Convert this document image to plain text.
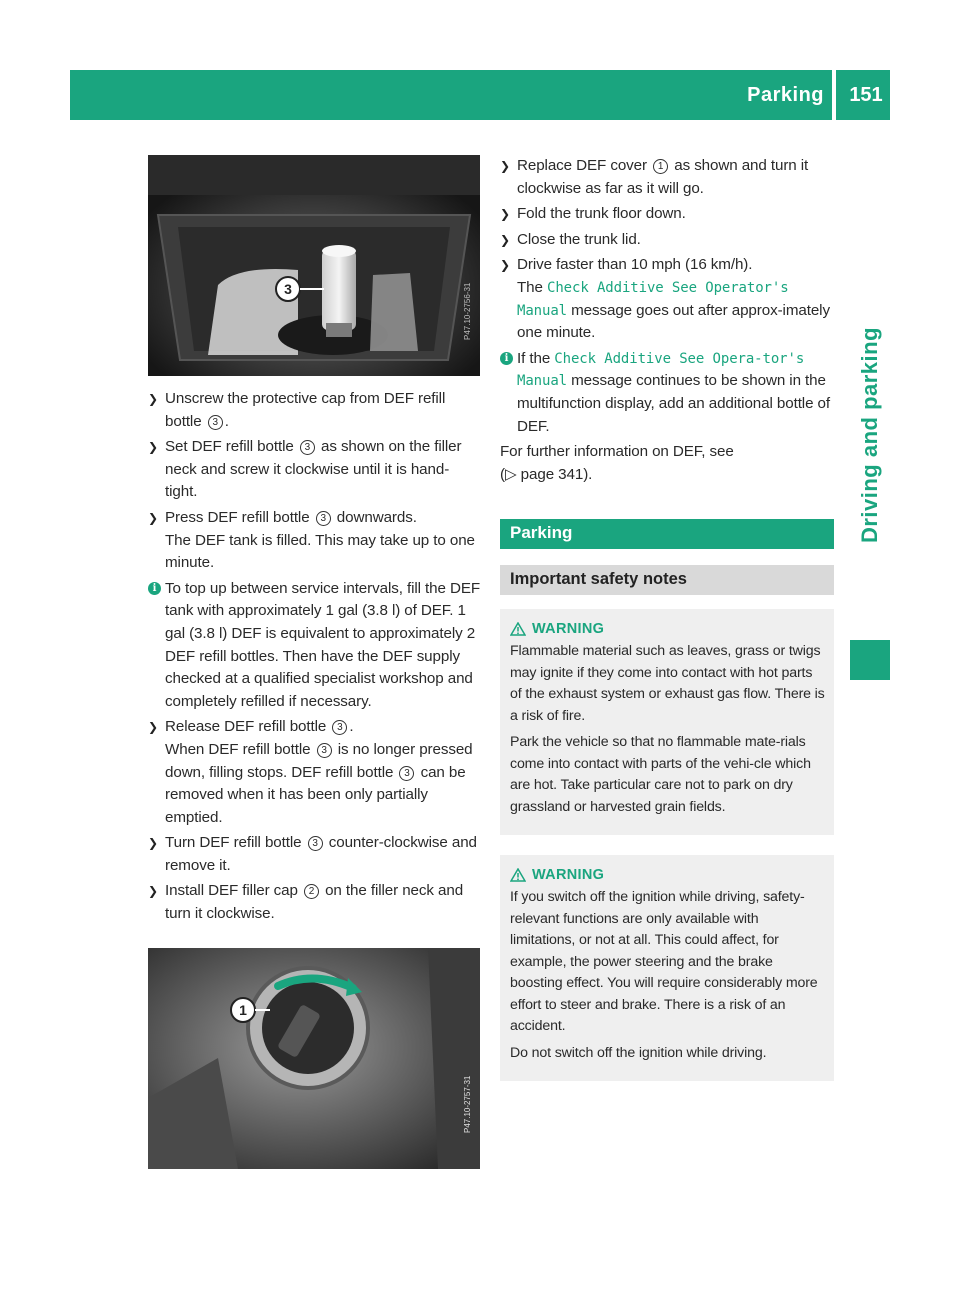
Parking	151
Driving and parking
3	P47.10-2756-31
❯ Unscrew the protective cap from DEF refill bottle 3 .
❯ Set DEF refill bottle 3 as shown on the filler neck and screw it clockwise until it is hand-tight.
❯ Press DEF refill bottle 3 downwards.
The DEF tank is filled. This may take up to one minute.
i To top up between service intervals, fill the DEF tank with approximately 1 gal (3.8 l) of DEF. 1 gal (3.8 l) DEF is equivalent to approximately 2 DEF refill bottles. Then have the DEF supply checked at a qualified specialist workshop and completely refilled if necessary.
❯ Release DEF refill bottle 3 .
When DEF refill bottle 3 is no longer pressed down, filling stops. DEF refill bottle 3 can be removed when it has been only partially emptied.
❯ Turn DEF refill bottle 3 counter-clockwise and remove it.
❯ Install DEF filler cap 2 on the filler neck and turn it clockwise.
1
P47.10-2757-31
❯ Replace DEF cover 1 as shown and turn it clockwise as far as it will go.
❯ Fold the trunk floor down.
❯ Close the trunk lid.
❯ Drive faster than 10 mph (16 km/h).
The Check Additive See Operator's Manual message goes out after approx-imately one minute.
i If the Check Additive See Opera-tor's Manual message continues to be shown in the multifunction display, add an additional bottle of DEF.
For further information on DEF, see
(▷ page 341).
Parking
Important safety notes
WARNING

Flammable material such as leaves, grass or twigs may ignite if they come into contact with hot parts of the exhaust system or exhaust gas flow. There is a risk of fire.

Park the vehicle so that no flammable mate-rials come into contact with parts of the vehi-cle which are hot. Take particular care not to park on dry grassland or harvested grain fields.

WARNING

If you switch off the ignition while driving, safety-relevant functions are only available with limitations, or not at all. This could affect, for example, the power steering and the brake boosting effect. You will require considerably more effort to steer and brake. There is a risk of an accident.

Do not switch off the ignition while driving.
